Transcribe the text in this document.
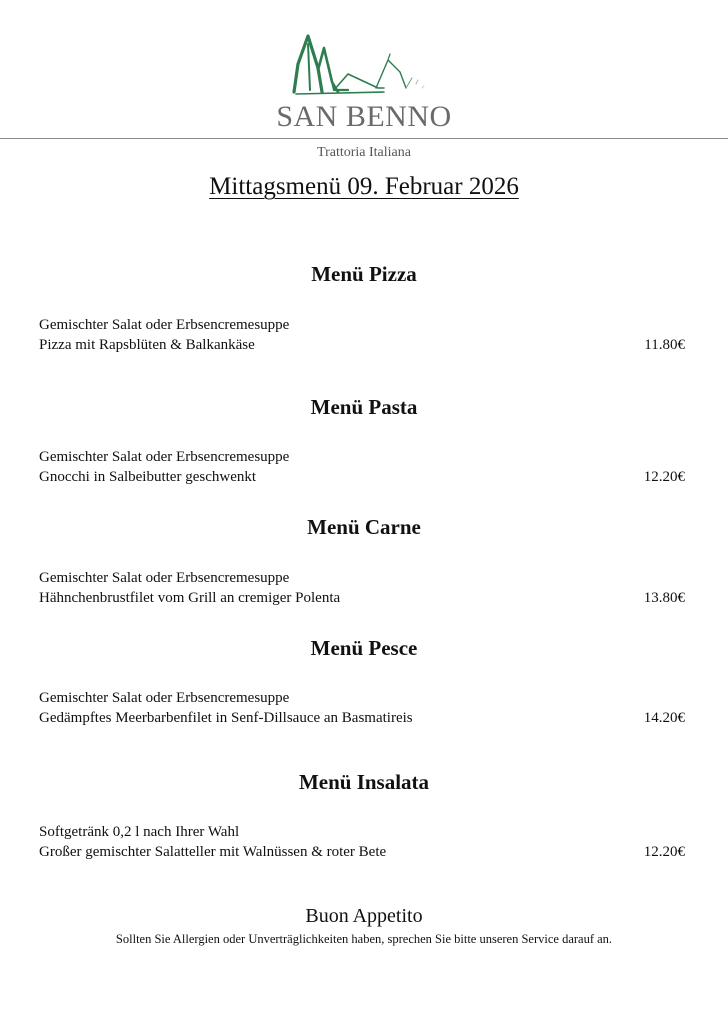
SAN BENNO
Trattoria Italiana
Mittagsmenü 09. Februar 2026
Menü Pizza
Gemischter Salat oder Erbsencremesuppe
Pizza mit Rapsblüten & Balkankäse	11.80€
Menü Pasta
Gemischter Salat oder Erbsencremesuppe
Gnocchi in Salbeibutter geschwenkt	12.20€
Menü Carne
Gemischter Salat oder Erbsencremesuppe
Hähnchenbrustfilet vom Grill an cremiger Polenta	13.80€
Menü Pesce
Gemischter Salat oder Erbsencremesuppe
Gedämpftes Meerbarbenfilet in Senf-Dillsauce an Basmatireis	14.20€
Menü Insalata
Softgetränk 0,2 l nach Ihrer Wahl
Großer gemischter Salatteller mit Walnüssen & roter Bete	12.20€
Buon Appetito
Sollten Sie Allergien oder Unverträglichkeiten haben, sprechen Sie bitte unseren Service darauf an.
